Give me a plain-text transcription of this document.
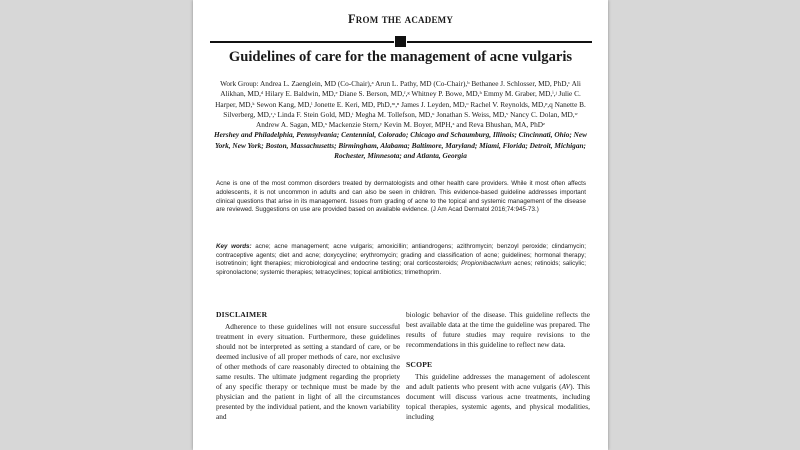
From the academy
Guidelines of care for the management of acne vulgaris
Work Group: Andrea L. Zaenglein, MD (Co-Chair),ᵃ Arun L. Pathy, MD (Co-Chair),ᵇ Bethanee J. Schlosser, MD, PhD,ᶜ Ali Alikhan, MD,ᵈ Hilary E. Baldwin, MD,ᵉ Diane S. Berson, MD,ᶠ,ᵍ Whitney P. Bowe, MD,ʰ Emmy M. Graber, MD,ⁱ,ʲ Julie C. Harper, MD,ᵏ Sewon Kang, MD,ˡ Jonette E. Keri, MD, PhD,ᵐ,ⁿ James J. Leyden, MD,ᵒ Rachel V. Reynolds, MD,ᵖ,q Nanette B. Silverberg, MD,ʳ,ˢ Linda F. Stein Gold, MD,ᵗ Megha M. Tollefson, MD,ᵘ Jonathan S. Weiss, MD,ᵛ Nancy C. Dolan, MD,ʷ Andrew A. Sagan, MD,ˣ Mackenzie Stern,ʸ Kevin M. Boyer, MPH,ᶻ and Reva Bhushan, MA, PhDᶻ
Hershey and Philadelphia, Pennsylvania; Centennial, Colorado; Chicago and Schaumburg, Illinois; Cincinnati, Ohio; New York, New York; Boston, Massachusetts; Birmingham, Alabama; Baltimore, Maryland; Miami, Florida; Detroit, Michigan; Rochester, Minnesota; and Atlanta, Georgia
Acne is one of the most common disorders treated by dermatologists and other health care providers. While it most often affects adolescents, it is not uncommon in adults and can also be seen in children. This evidence-based guideline addresses important clinical questions that arise in its management. Issues from grading of acne to the topical and systemic management of the disease are reviewed. Suggestions on use are provided based on available evidence. (J Am Acad Dermatol 2016;74:945-73.)
Key words: acne; acne management; acne vulgaris; amoxicillin; antiandrogens; azithromycin; benzoyl peroxide; clindamycin; contraceptive agents; diet and acne; doxycycline; erythromycin; grading and classification of acne; guidelines; hormonal therapy; isotretinoin; light therapies; microbiological and endocrine testing; oral corticosteroids; Propionibacterium acnes; retinoids; salicylic; spironolactone; systemic therapies; tetracyclines; topical antibiotics; trimethoprim.
DISCLAIMER

Adherence to these guidelines will not ensure successful treatment in every situation. Furthermore, these guidelines should not be interpreted as setting a standard of care, or be deemed inclusive of all proper methods of care, nor exclusive of other methods of care reasonably directed to obtaining the same results. The ultimate judgment regarding the propriety of any specific therapy or technique must be made by the physician and the patient in light of all the circumstances presented by the individual patient, and the known variability and

biologic behavior of the disease. This guideline reflects the best available data at the time the guideline was prepared. The results of future studies may require revisions to the recommendations in this guideline to reflect new data.

SCOPE

This guideline addresses the management of adolescent and adult patients who present with acne vulgaris (AV). This document will discuss various acne treatments, including topical therapies, systemic agents, and physical modalities, including
